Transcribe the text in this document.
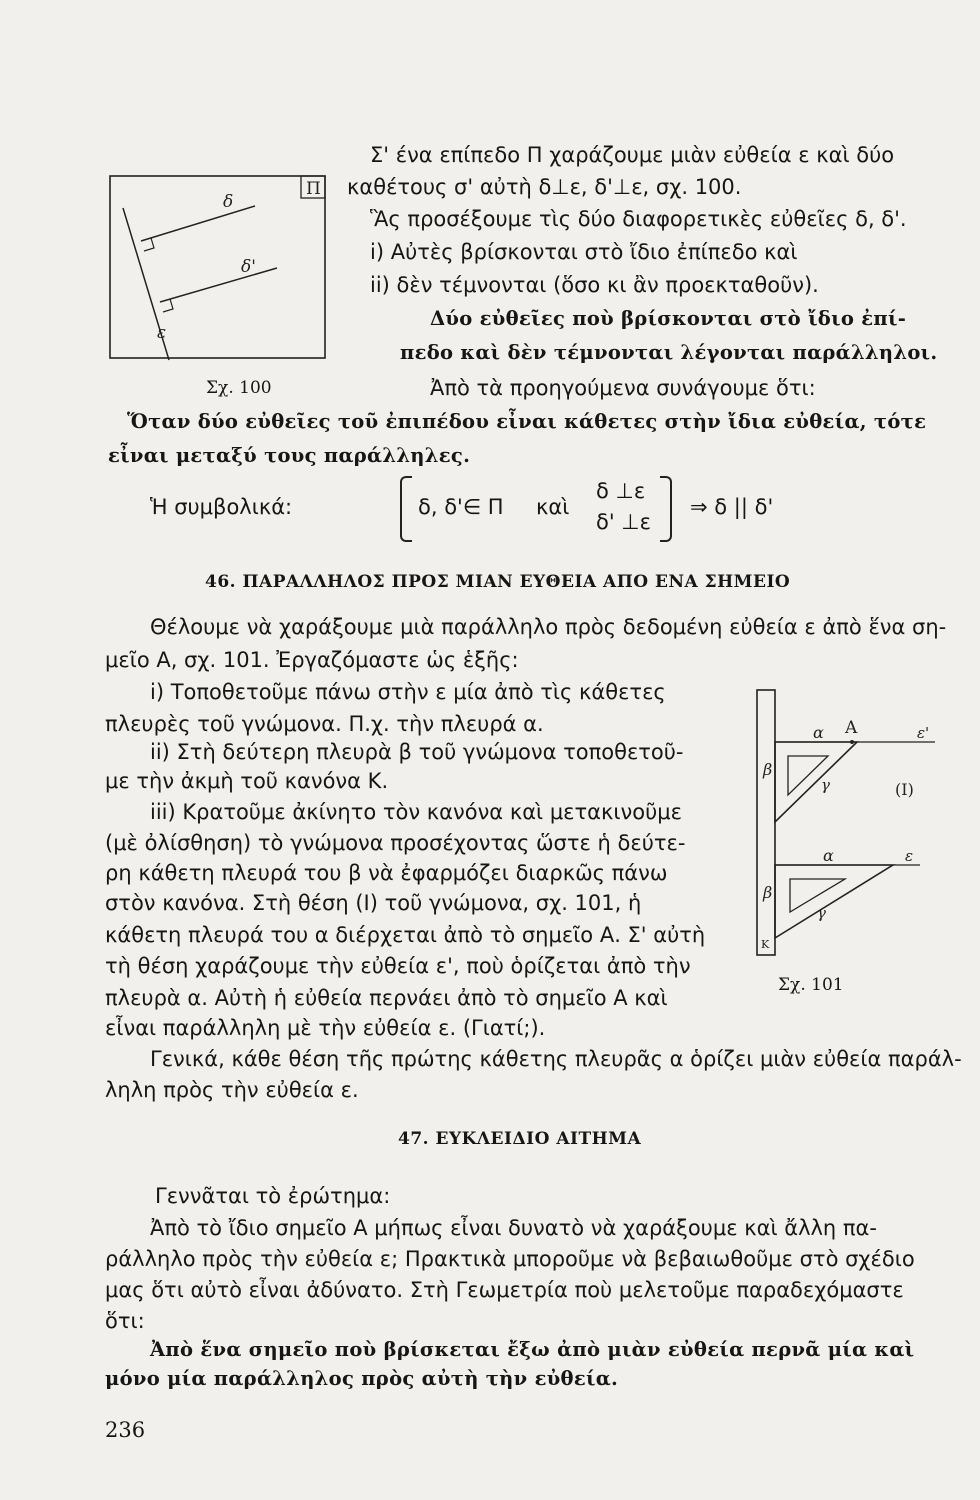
Π
δ
δ'
ε
Σχ. 100
Σ' ένα επίπεδο Π χαράζουμε μιὰν εὐθεία ε καὶ δύο
καθέτους σ' αὐτὴ δ⊥ε, δ'⊥ε, σχ. 100.
Ἃς προσέξουμε τὶς δύο διαφορετικὲς εὐθεῖες δ, δ'.
i) Αὐτὲς βρίσκονται στὸ ἴδιο ἐπίπεδο καὶ
ii) δὲν τέμνονται (ὅσο κι ἂν προεκταθοῦν).
Δύο εὐθεῖες ποὺ βρίσκονται στὸ ἴδιο ἐπί-
πεδο καὶ δὲν τέμνονται λέγονται παράλληλοι.
Ἀπὸ τὰ προηγούμενα συνάγουμε ὅτι:
Ὅταν δύο εὐθεῖες τοῦ ἐπιπέδου εἶναι κάθετες στὴν ἴδια εὐθεία, τότε
εἶναι μεταξύ τους παράλληλες.
Ἡ συμβολικά:	δ, δ'∈ Π καὶ
δ ⊥ε
δ' ⊥ε
⇒ δ || δ'
46. ΠΑΡΑΛΛΗΛΟΣ ΠΡΟΣ ΜΙΑΝ ΕΥΘΕΙΑ ΑΠΟ ΕΝΑ ΣΗΜΕΙΟ
Θέλουμε νὰ χαράξουμε μιὰ παράλληλο πρὸς δεδομένη εὐθεία ε ἀπὸ ἕνα ση-
μεῖο Α, σχ. 101. Ἐργαζόμαστε ὡς ἑξῆς:
i) Τοποθετοῦμε πάνω στὴν ε μία ἀπὸ τὶς κάθετες
πλευρὲς τοῦ γνώμονα. Π.χ. τὴν πλευρά α.
ii) Στὴ δεύτερη πλευρὰ β τοῦ γνώμονα τοποθετοῦ-
με τὴν ἀκμὴ τοῦ κανόνα Κ.
iii) Κρατοῦμε ἀκίνητο τὸν κανόνα καὶ μετακινοῦμε
(μὲ ὀλίσθηση) τὸ γνώμονα προσέχοντας ὥστε ἡ δεύτε-
ρη κάθετη πλευρά του β νὰ ἐφαρμόζει διαρκῶς πάνω
στὸν κανόνα. Στὴ θέση (Ι) τοῦ γνώμονα, σχ. 101, ἡ
κάθετη πλευρά του α διέρχεται ἀπὸ τὸ σημεῖο Α. Σ' αὐτὴ
τὴ θέση χαράζουμε τὴν εὐθεία ε', ποὺ ὁρίζεται ἀπὸ τὴν
πλευρὰ α. Αὐτὴ ἡ εὐθεία περνάει ἀπὸ τὸ σημεῖο Α καὶ
εἶναι παράλληλη μὲ τὴν εὐθεία ε. (Γιατί;).
Γενικά, κάθε θέση τῆς πρώτης κάθετης πλευρᾶς α ὁρίζει μιὰν εὐθεία παράλ-
ληλη πρὸς τὴν εὐθεία ε.
α Α	ε'
β
γ	(Ι)
α	ε
β
γ
Κ
Σχ. 101
47. ΕΥΚΛΕΙΔΙΟ ΑΙΤΗΜΑ
Γεννᾶται τὸ ἐρώτημα:
Ἀπὸ τὸ ἴδιο σημεῖο Α μήπως εἶναι δυνατὸ νὰ χαράξουμε καὶ ἄλλη πα-
ράλληλο πρὸς τὴν εὐθεία ε; Πρακτικὰ μποροῦμε νὰ βεβαιωθοῦμε στὸ σχέδιο
μας ὅτι αὐτὸ εἶναι ἀδύνατο. Στὴ Γεωμετρία ποὺ μελετοῦμε παραδεχόμαστε
ὅτι:
Ἀπὸ ἕνα σημεῖο ποὺ βρίσκεται ἔξω ἀπὸ μιὰν εὐθεία περνᾶ μία καὶ
μόνο μία παράλληλος πρὸς αὐτὴ τὴν εὐθεία.
236
